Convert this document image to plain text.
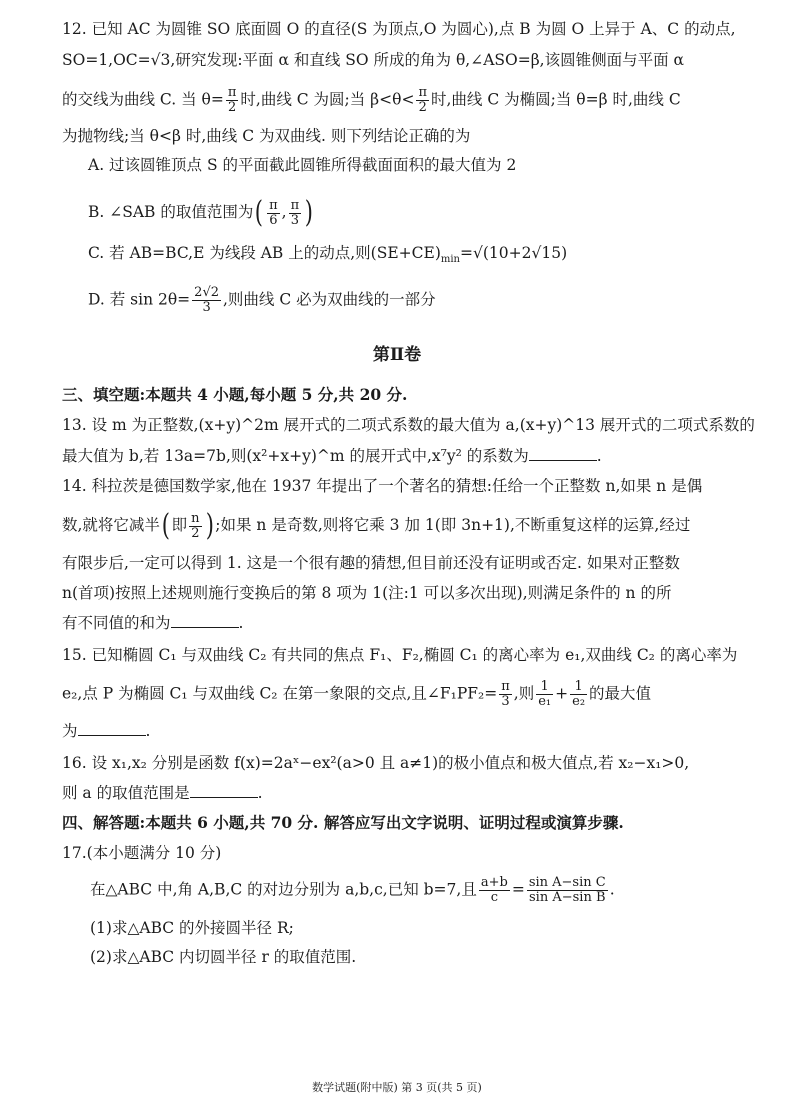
12. 已知 AC 为圆锥 SO 底面圆 O 的直径(S 为顶点,O 为圆心),点 B 为圆 O 上异于 A、C 的动点,
SO=1,OC=√3,研究发现:平面 α 和直线 SO 所成的角为 θ,∠ASO=β,该圆锥侧面与平面 α
的交线为曲线 C. 当 $\theta= \frac{\pi}{2}$ 时,曲线 C 为圆;当 $\beta<\theta< \frac{\pi}{2}$ 时,曲线 C 为椭圆;当 θ=β 时,曲线 C
为抛物线;当 θ<β 时,曲线 C 为双曲线. 则下列结论正确的为
A. 过该圆锥顶点 S 的平面截此圆锥所得截面面积的最大值为 2
B. ∠SAB 的取值范围为( $\frac{\pi}{6}$ , $\frac{\pi}{3}$ )
C. 若 AB=BC,E 为线段 AB 上的动点,则$(SE+CE)_{min}=√(10+2√15)$
D. 若 $\sin 2\theta= \frac{2√2}{3}$ ,则曲线 C 必为双曲线的一部分
第Ⅱ卷
三、填空题:本题共 4 小题,每小题 5 分,共 20 分.
13. 设 m 为正整数,(x+y)^2m 展开式的二项式系数的最大值为 a,(x+y)^13 展开式的二项式系数的
最大值为 b,若 13a=7b,则(x²+x+y)^m 的展开式中,x⁷y² 的系数为	.
14. 科拉茨是德国数学家,他在 1937 年提出了一个著名的猜想:任给一个正整数 n,如果 n 是偶
数,就将它减半( 即 $\frac{n}{2}$ ) ;如果 n 是奇数,则将它乘 3 加 1(即 3n+1),不断重复这样的运算,经过
有限步后,一定可以得到 1. 这是一个很有趣的猜想,但目前还没有证明或否定. 如果对正整数
n(首项)按照上述规则施行变换后的第 8 项为 1(注:1 可以多次出现),则满足条件的 n 的所
有不同值的和为	.
15. 已知椭圆 C₁ 与双曲线 C₂ 有共同的焦点 F₁、F₂,椭圆 C₁ 的离心率为 e₁,双曲线 C₂ 的离心率为
e₂,点 P 为椭圆 C₁ 与双曲线 C₂ 在第一象限的交点,且∠F₁PF₂= $\frac{\pi}{3}$ ,则 $\frac{1}{\text{e₁}} + \frac{1}{\text{e₂}}$ 的最大值
为	.
16. 设 x₁,x₂ 分别是函数 f(x)=2aˣ−ex²(a>0 且 a≠1)的极小值点和极大值点,若 x₂−x₁>0,
则 a 的取值范围是	.
四、解答题:本题共 6 小题,共 70 分. 解答应写出文字说明、证明过程或演算步骤.
17.(本小题满分 10 分)
在△ABC 中,角 A,B,C 的对边分别为 a,b,c,已知 b=7,且 $\frac{a+b}{c} = \frac{\text{sin A−sin C}}{\text{sin A−sin B}}$ .
(1)求△ABC 的外接圆半径 R;
(2)求△ABC 内切圆半径 r 的取值范围.
数学试题(附中版) 第 3 页(共 5 页)
